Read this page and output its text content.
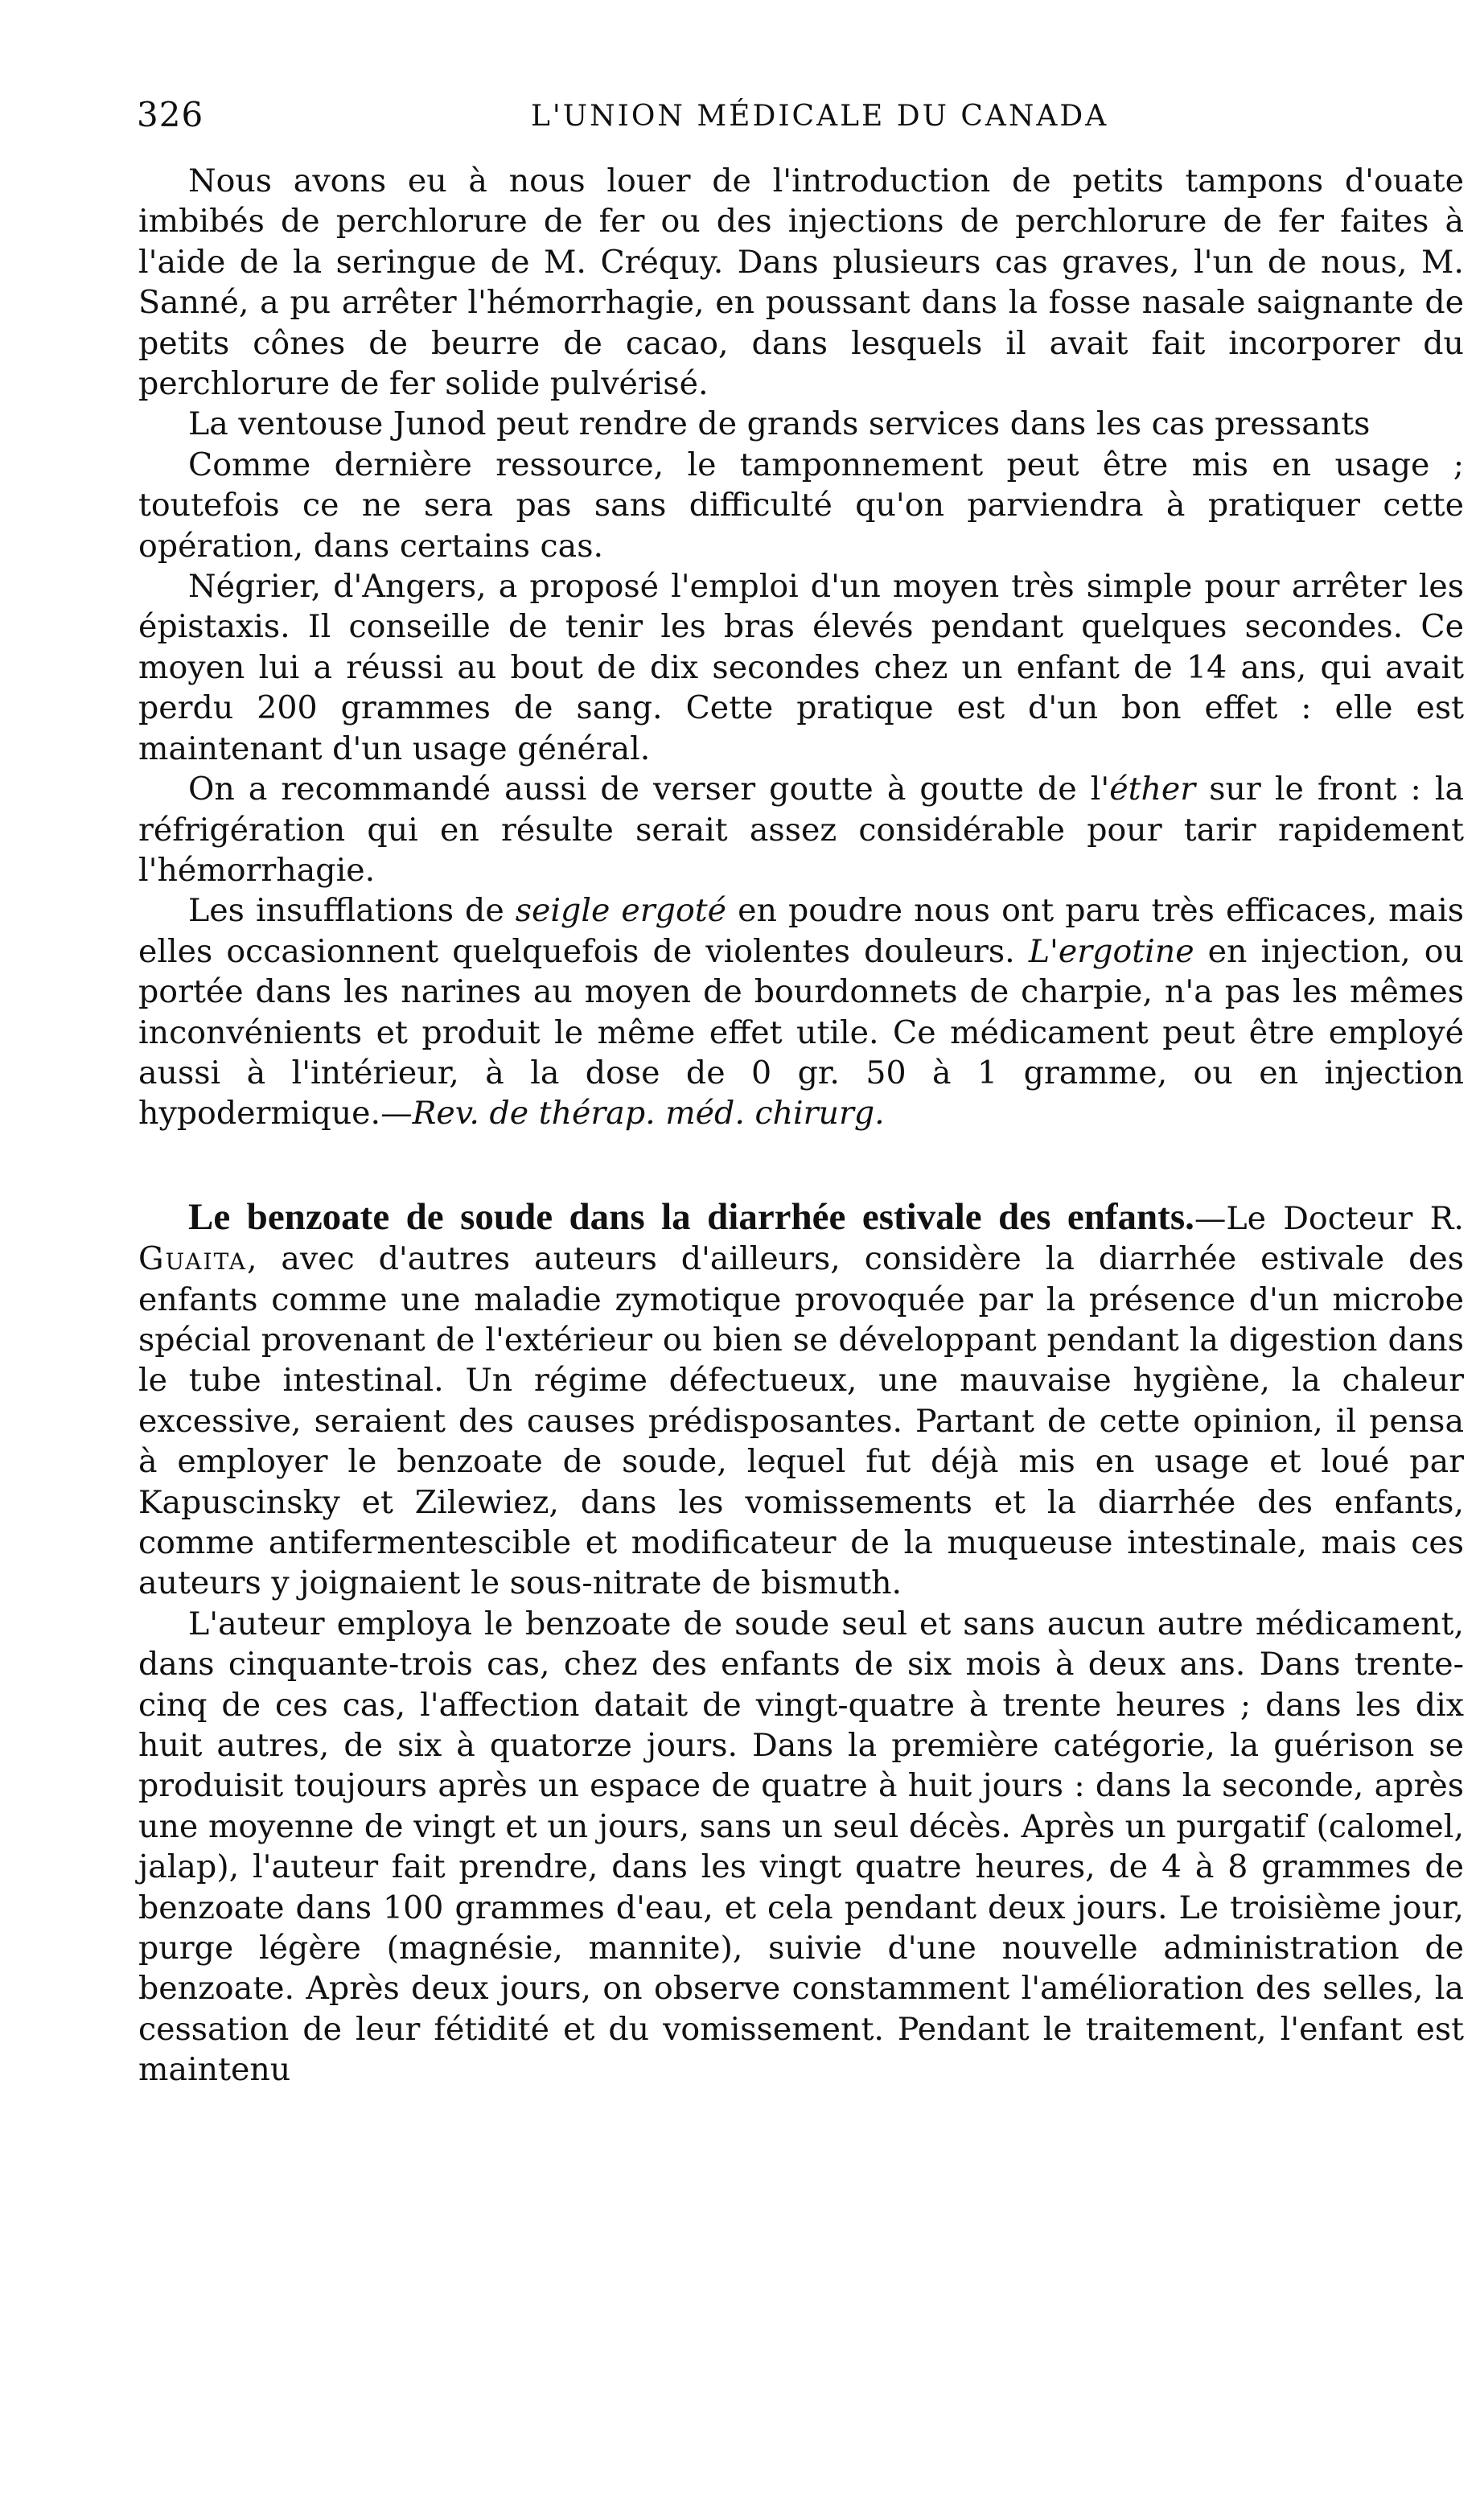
326	L'UNION MÉDICALE DU CANADA

Nous avons eu à nous louer de l'introduction de petits tampons d'ouate imbibés de perchlorure de fer ou des injections de perchlorure de fer faites à l'aide de la seringue de M. Créquy. Dans plusieurs cas graves, l'un de nous, M. Sanné, a pu arrêter l'hémorrhagie, en poussant dans la fosse nasale saignante de petits cônes de beurre de cacao, dans lesquels il avait fait incorporer du perchlorure de fer solide pulvérisé.

La ventouse Junod peut rendre de grands services dans les cas pressants

Comme dernière ressource, le tamponnement peut être mis en usage ; toutefois ce ne sera pas sans difficulté qu'on parviendra à pratiquer cette opération, dans certains cas.

Négrier, d'Angers, a proposé l'emploi d'un moyen très simple pour arrêter les épistaxis. Il conseille de tenir les bras élevés pendant quelques secondes. Ce moyen lui a réussi au bout de dix secondes chez un enfant de 14 ans, qui avait perdu 200 grammes de sang. Cette pratique est d'un bon effet : elle est maintenant d'un usage général.

On a recommandé aussi de verser goutte à goutte de l'éther sur le front : la réfrigération qui en résulte serait assez considérable pour tarir rapidement l'hémorrhagie.

Les insufflations de seigle ergoté en poudre nous ont paru très efficaces, mais elles occasionnent quelquefois de violentes douleurs. L'ergotine en injection, ou portée dans les narines au moyen de bourdonnets de charpie, n'a pas les mêmes inconvénients et produit le même effet utile. Ce médicament peut être employé aussi à l'intérieur, à la dose de 0 gr. 50 à 1 gramme, ou en injection hypodermique.—Rev. de thérap. méd. chirurg.

Le benzoate de soude dans la diarrhée estivale des enfants.—Le Docteur R. Guaita, avec d'autres auteurs d'ailleurs, considère la diarrhée estivale des enfants comme une maladie zymotique provoquée par la présence d'un microbe spécial provenant de l'extérieur ou bien se développant pendant la digestion dans le tube intestinal. Un régime défectueux, une mauvaise hygiène, la chaleur excessive, seraient des causes prédisposantes. Partant de cette opinion, il pensa à employer le benzoate de soude, lequel fut déjà mis en usage et loué par Kapuscinsky et Zilewiez, dans les vomissements et la diarrhée des enfants, comme antifermentescible et modificateur de la muqueuse intestinale, mais ces auteurs y joignaient le sous-nitrate de bismuth.

L'auteur employa le benzoate de soude seul et sans aucun autre médicament, dans cinquante-trois cas, chez des enfants de six mois à deux ans. Dans trente-cinq de ces cas, l'affection datait de vingt-quatre à trente heures ; dans les dix huit autres, de six à quatorze jours. Dans la première catégorie, la guérison se produisit toujours après un espace de quatre à huit jours : dans la seconde, après une moyenne de vingt et un jours, sans un seul décès. Après un purgatif (calomel, jalap), l'auteur fait prendre, dans les vingt quatre heures, de 4 à 8 grammes de benzoate dans 100 grammes d'eau, et cela pendant deux jours. Le troisième jour, purge légère (magnésie, mannite), suivie d'une nouvelle administration de benzoate. Après deux jours, on observe constamment l'amélioration des selles, la cessation de leur fétidité et du vomissement. Pendant le traitement, l'enfant est maintenu
